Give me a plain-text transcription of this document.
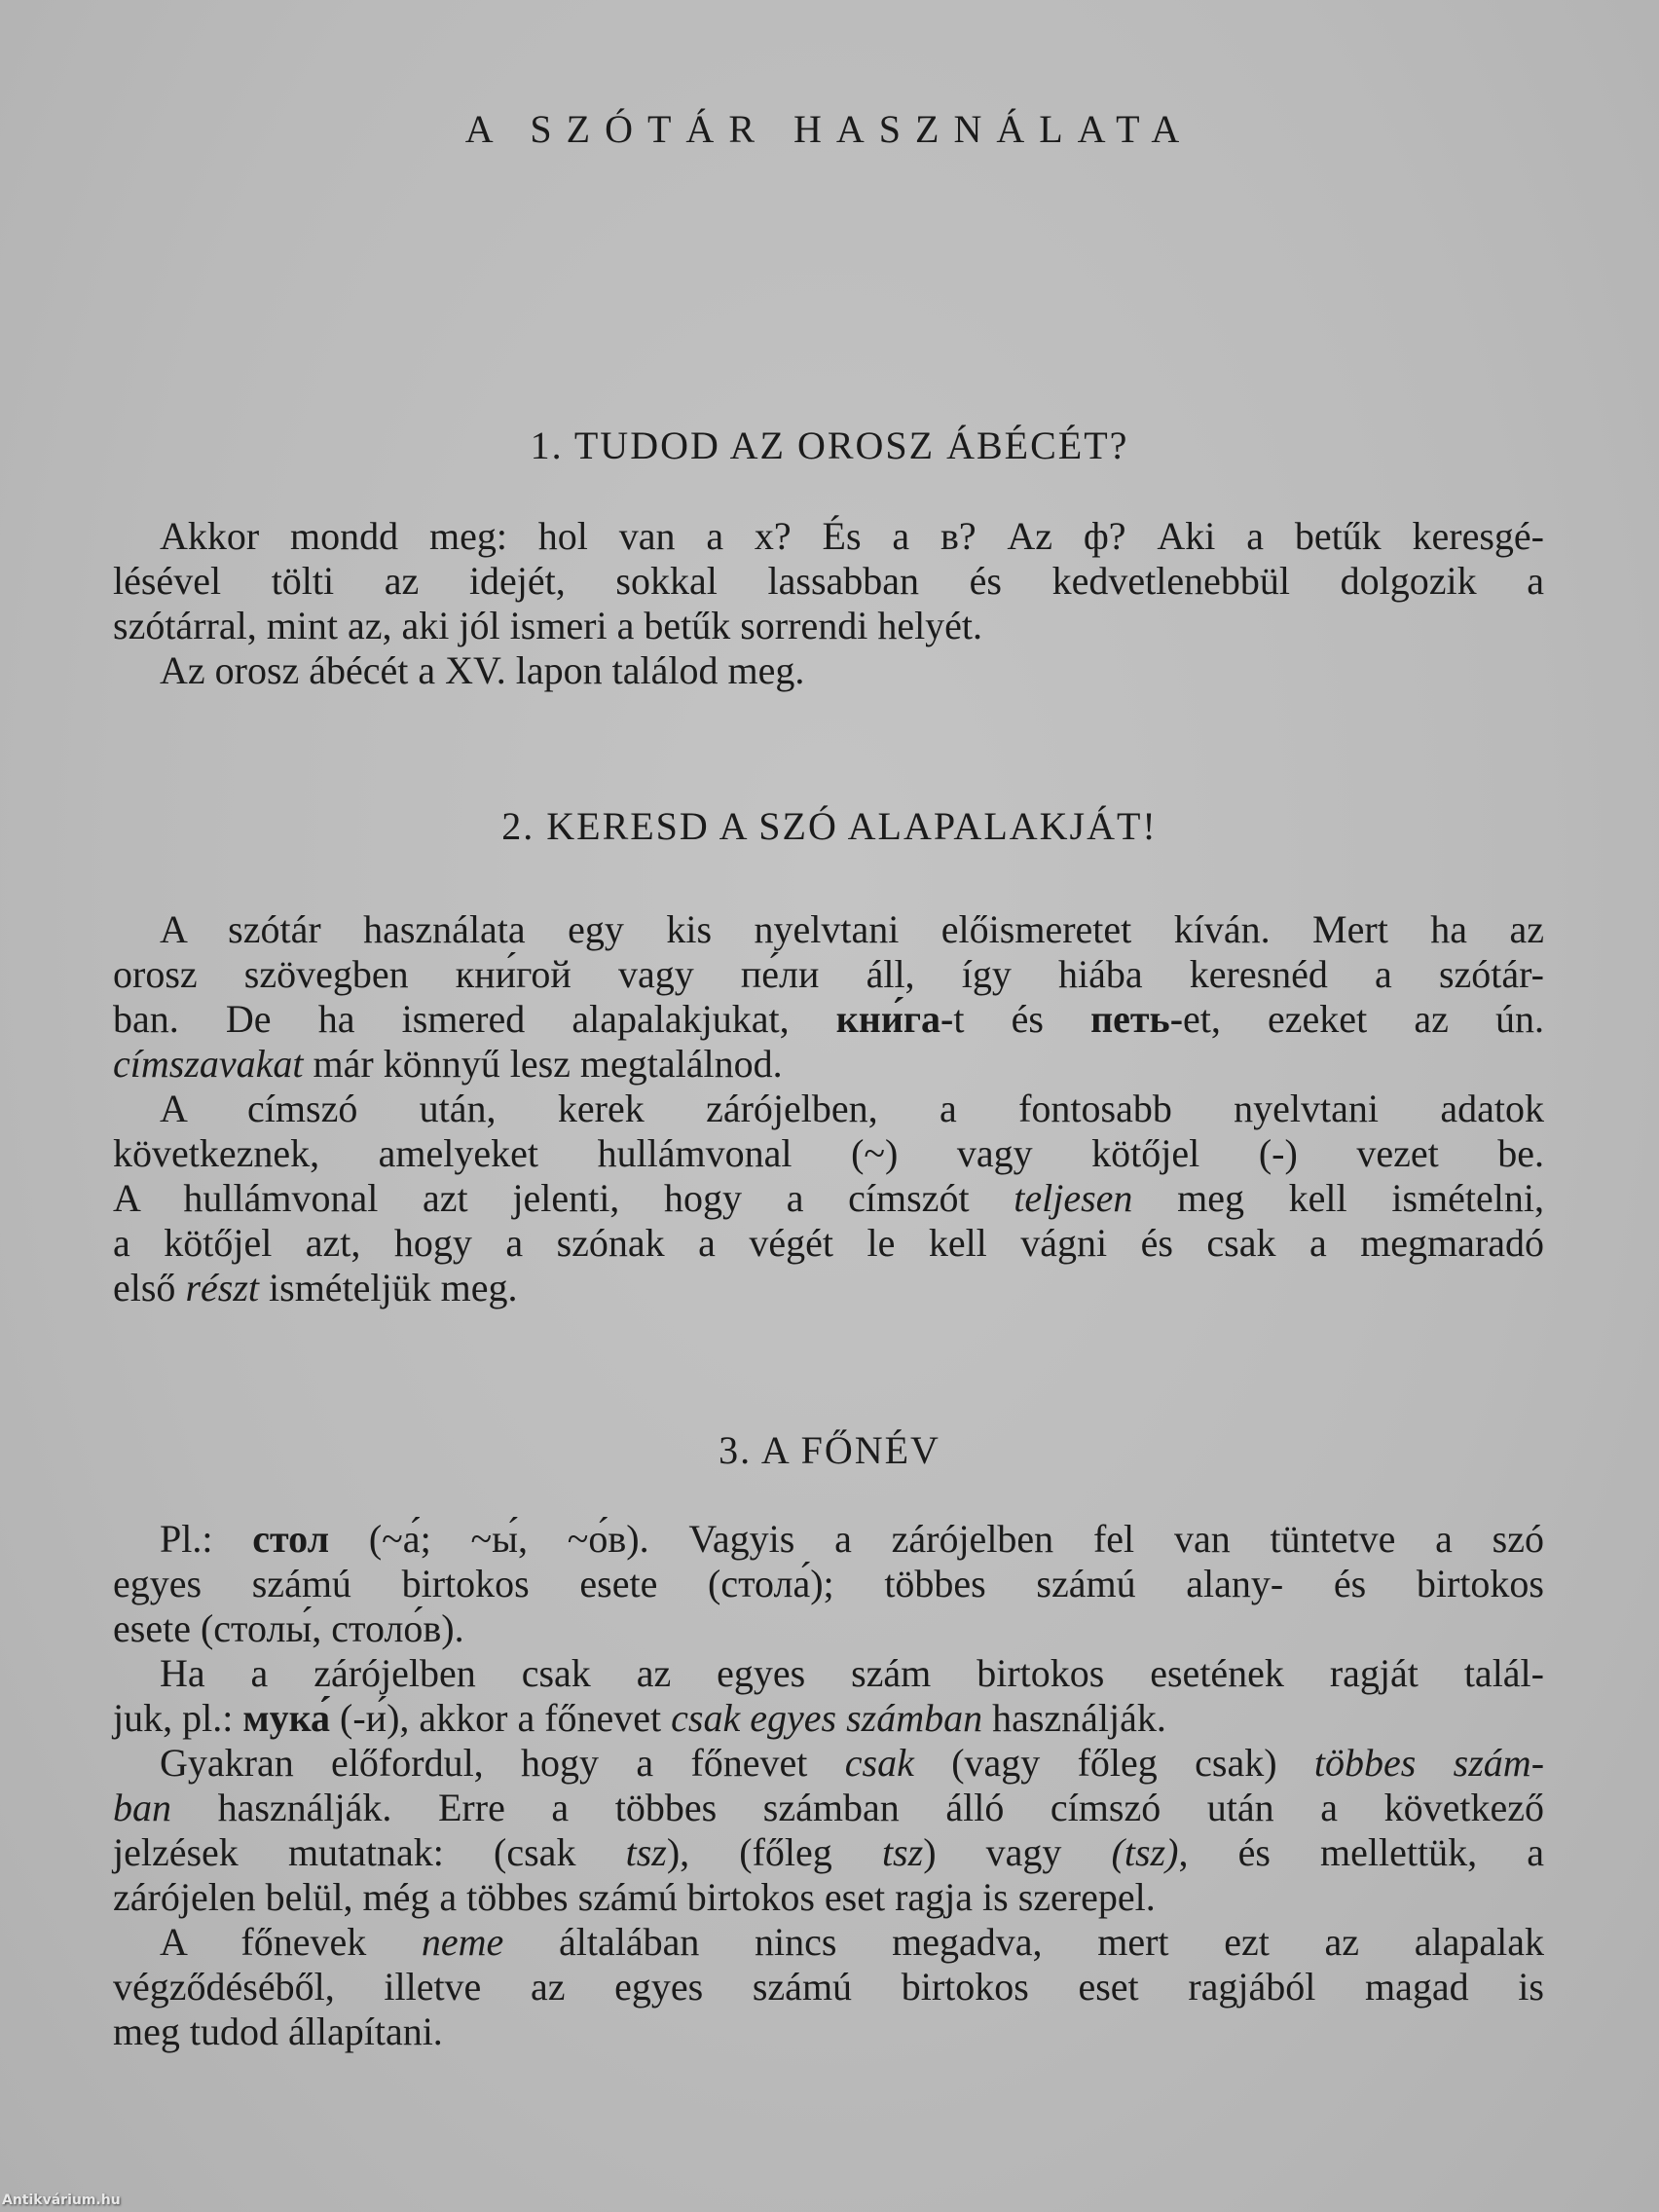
A SZÓTÁR HASZNÁLATA
1. TUDOD AZ OROSZ ÁBÉCÉT?
Akkor mondd meg: hol van a х? És a в? Az ф? Aki a betűk keresgé-
lésével tölti az idejét, sokkal lassabban és kedvetlenebbül dolgozik a
szótárral, mint az, aki jól ismeri a betűk sorrendi helyét.
Az orosz ábécét a XV. lapon találod meg.
2. KERESD A SZÓ ALAPALAKJÁT!
A szótár használata egy kis nyelvtani előismeretet kíván. Mert ha az
orosz szövegben кни́гой vagy пе́ли áll, így hiába keresnéd a szótár-
ban. De ha ismered alapalakjukat, кни́га-t és петь-et, ezeket az ún.
címszavakat már könnyű lesz megtalálnod.
A címszó után, kerek zárójelben, a fontosabb nyelvtani adatok
következnek, amelyeket hullámvonal (~) vagy kötőjel (-) vezet be.
A hullámvonal azt jelenti, hogy a címszót teljesen meg kell ismételni,
a kötőjel azt, hogy a szónak a végét le kell vágni és csak a megmaradó
első részt ismételjük meg.
3. A FŐNÉV
Pl.: стол (~а́; ~ы́, ~о́в). Vagyis a zárójelben fel van tüntetve a szó
egyes számú birtokos esete (стола́); többes számú alany- és birtokos
esete (столы́, столо́в).
Ha a zárójelben csak az egyes szám birtokos esetének ragját talál-
juk, pl.: мука́ (-и́), akkor a főnevet csak egyes számban használják.
Gyakran előfordul, hogy a főnevet csak (vagy főleg csak) többes szám-
ban használják. Erre a többes számban álló címszó után a következő
jelzések mutatnak: (csak tsz), (főleg tsz) vagy (tsz), és mellettük, a
zárójelen belül, még a többes számú birtokos eset ragja is szerepel.
A főnevek neme általában nincs megadva, mert ezt az alapalak
végződéséből, illetve az egyes számú birtokos eset ragjából magad is
meg tudod állapítani.
Antikvárium.hu
